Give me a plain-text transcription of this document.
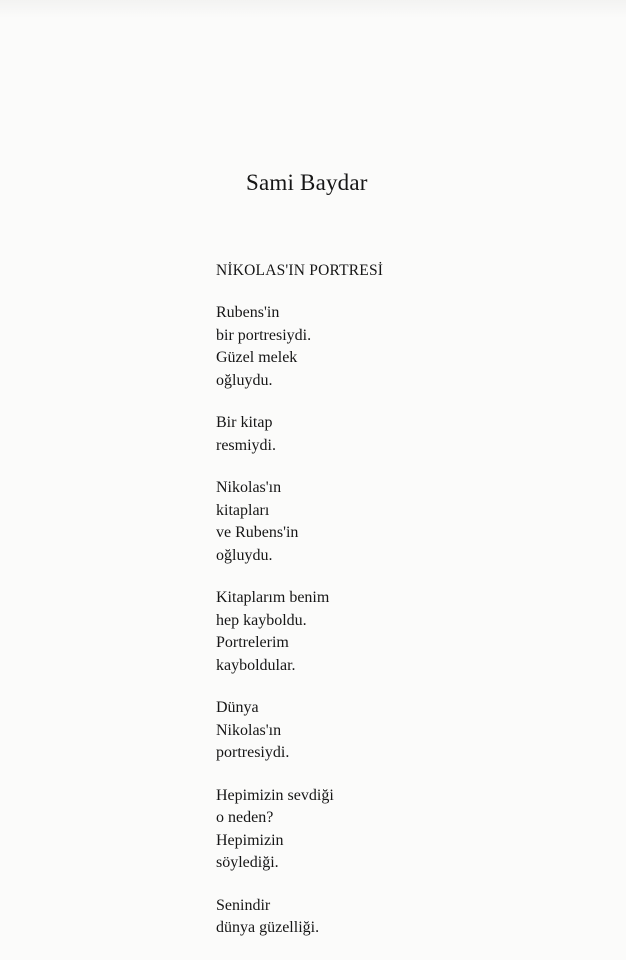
Sami Baydar
NİKOLAS'IN PORTRESİ
Rubens'in
bir portresiydi.
Güzel melek
oğluydu.
Bir kitap
resmiydi.
Nikolas'ın
kitapları
ve Rubens'in
oğluydu.
Kitaplarım benim
hep kayboldu.
Portrelerim
kayboldular.
Dünya
Nikolas'ın
portresiydi.
Hepimizin sevdiği
o neden?
Hepimizin
söylediği.
Senindir
dünya güzelliği.
